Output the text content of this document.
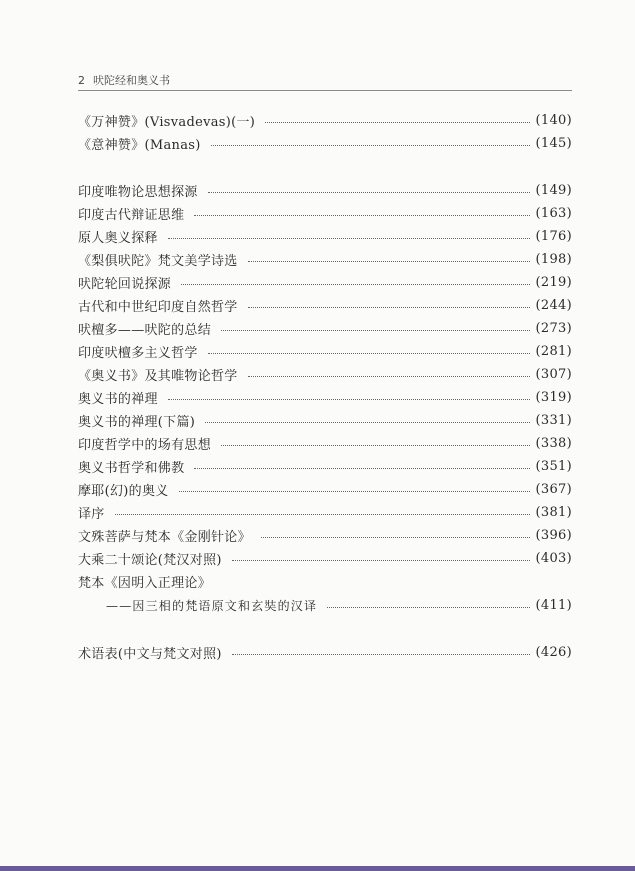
2 吠陀经和奥义书
《万神赞》(Visvadevas)(一)	(140)
《意神赞》(Manas)	(145)
印度唯物论思想探源	(149)
印度古代辩证思维	(163)
原人奥义探释	(176)
《梨俱吠陀》梵文美学诗选	(198)
吠陀轮回说探源	(219)
古代和中世纪印度自然哲学	(244)
吠檀多——吠陀的总结	(273)
印度吠檀多主义哲学	(281)
《奥义书》及其唯物论哲学	(307)
奥义书的禅理	(319)
奥义书的禅理(下篇)	(331)
印度哲学中的场有思想	(338)
奥义书哲学和佛教	(351)
摩耶(幻)的奥义	(367)
译序	(381)
文殊菩萨与梵本《金刚针论》	(396)
大乘二十颂论(梵汉对照)	(403)
梵本《因明入正理论》
——因三相的梵语原文和玄奘的汉译	(411)
术语表(中文与梵文对照)	(426)
